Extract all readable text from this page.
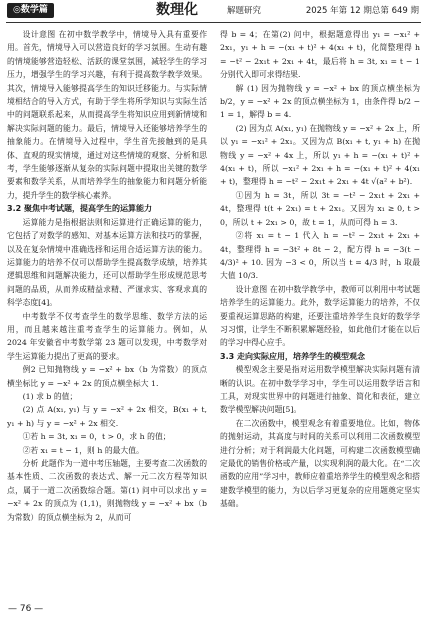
◎数学篇	数理化	解题研究	2025 年第 12 期总第 649 期

设计意图 在初中数学教学中，情境导入具有重要作用。首先，情境导入可以营造良好的学习氛围。生动有趣的情境能够营造轻松、活跃的课堂氛围，减轻学生的学习压力，增强学生的学习兴趣，有利于提高数学教学效果。其次，情境导入能够提高学生的知识迁移能力。与实际情境相结合的导入方式，有助于学生将所学知识与实际生活中的问题联系起来，从而提高学生将知识应用到新情境和解决实际问题的能力。最后，情境导入还能够培养学生的抽象能力。在情境导入过程中，学生首先接触到的是具体、直观的现实情境，通过对这些情境的观察、分析和思考，学生能够逐渐从复杂的实际问题中提取出关键的数学要素和数学关系，从而培养学生的抽象能力和问题分析能力，提升学生的数学核心素养。

3.2 聚焦中考试题，提高学生的运算能力

运算能力是指根据法则和运算进行正确运算的能力，它包括了对数学的感知、对基本运算方法和技巧的掌握，以及在复杂情境中准确选择和运用合适运算方法的能力。运算能力的培养不仅可以帮助学生提高数学成绩，培养其逻辑思维和问题解决能力，还可以帮助学生形成规范思考问题的品质，从而养成精益求精、严谨求实、客观求真的科学态度[4]。

中考数学不仅考查学生的数学思维、数学方法的运用，而且越来越注重考查学生的运算能力。例如，从 2024 年安徽省中考数学第 23 题可以发现，中考数学对学生运算能力提出了更高的要求。

例2 已知抛物线 y = −x² + bx（b 为常数）的顶点横坐标比 y = −x² + 2x 的顶点横坐标大 1.

(1) 求 b 的值；

(2) 点 A(x₁, y₁) 与 y = −x² + 2x 相交，B(x₁ + t, y₁ + h) 与 y = −x² + 2x 相交.

①若 h = 3t, x₁ = 0，t > 0，求 h 的值；

②若 x₁ = t − 1，则 h 的最大值。

分析 此题作为一道中考压轴题，主要考查二次函数的基本性质、二次函数的表达式、解一元二次方程等知识点，属于一道二次函数综合题。第(1) 问中可以求出 y = −x² + 2x 的顶点为 (1,1)，则抛物线 y = −x² + bx（b 为常数）的顶点横坐标为 2，从而可

得 b = 4；在第(2) 问中，根据题意得出 y₁ = −x₁² + 2x₁，y₁ + h = −(x₁ + t)² + 4(x₁ + t)，化简整理得 h = −t² − 2x₁t + 2x₁ + 4t，最后将 h = 3t, x₁ = t − 1 分别代入即可求得结果.

解 (1) 因为抛物线 y = −x² + bx 的顶点横坐标为 b/2，y = −x² + 2x 的顶点横坐标为 1，由条件得 b/2 − 1 = 1，解得 b = 4.

(2) 因为点 A(x₁, y₁) 在抛物线 y = −x² + 2x 上，所以 y₁ = −x₁² + 2x₁。又因为点 B(x₁ + t, y₁ + h) 在抛物线 y = −x² + 4x 上，所以 y₁ + h = −(x₁ + t)² + 4(x₁ + t)，所以 −x₁² + 2x₁ + h = −(x₁ + t)² + 4(x₁ + t)，整理得 h = −t² − 2x₁t + 2x₁ + 4t √(a² + b²).

①因为 h = 3t，所以 3t = −t² − 2x₁t + 2x₁ + 4t，整理得 t(t + 2x₁) = t + 2x₁。又因为 x₁ ≥ 0, t > 0，所以 t + 2x₁ > 0，故 t = 1，从而可得 h = 3.

②将 x₁ = t − 1 代入 h = −t² − 2x₁t + 2x₁ + 4t，整理得 h = −3t² + 8t − 2，配方得 h = −3(t − 4/3)² + 10. 因为 −3 < 0，所以当 t = 4/3 时，h 取最大值 10/3.

设计意图 在初中数学教学中，教师可以利用中考试题培养学生的运算能力。此外，数学运算能力的培养，不仅要重视运算思路的构建，还要注重培养学生良好的数学学习习惯，让学生不断积累解题经验，如此他们才能在以后的学习中得心应手。

3.3 走向实际应用，培养学生的模型观念

模型观念主要是指对运用数学模型解决实际问题有清晰的认识。在初中数学学习中，学生可以运用数学语言和工具，对现实世界中的问题进行抽象、简化和表征，建立数学模型解决问题[5]。

在二次函数中，模型观念有着重要地位。比如，物体的抛射运动，其高度与时间的关系可以利用二次函数模型进行分析；对于利润最大化问题，可构建二次函数模型确定最优的销售价格或产量，以实现利润的最大化。在“二次函数的应用”学习中，教师应着重培养学生的模型观念和搭建数学模型的能力，为以后学习更复杂的应用题奠定坚实基础。

— 76 —
